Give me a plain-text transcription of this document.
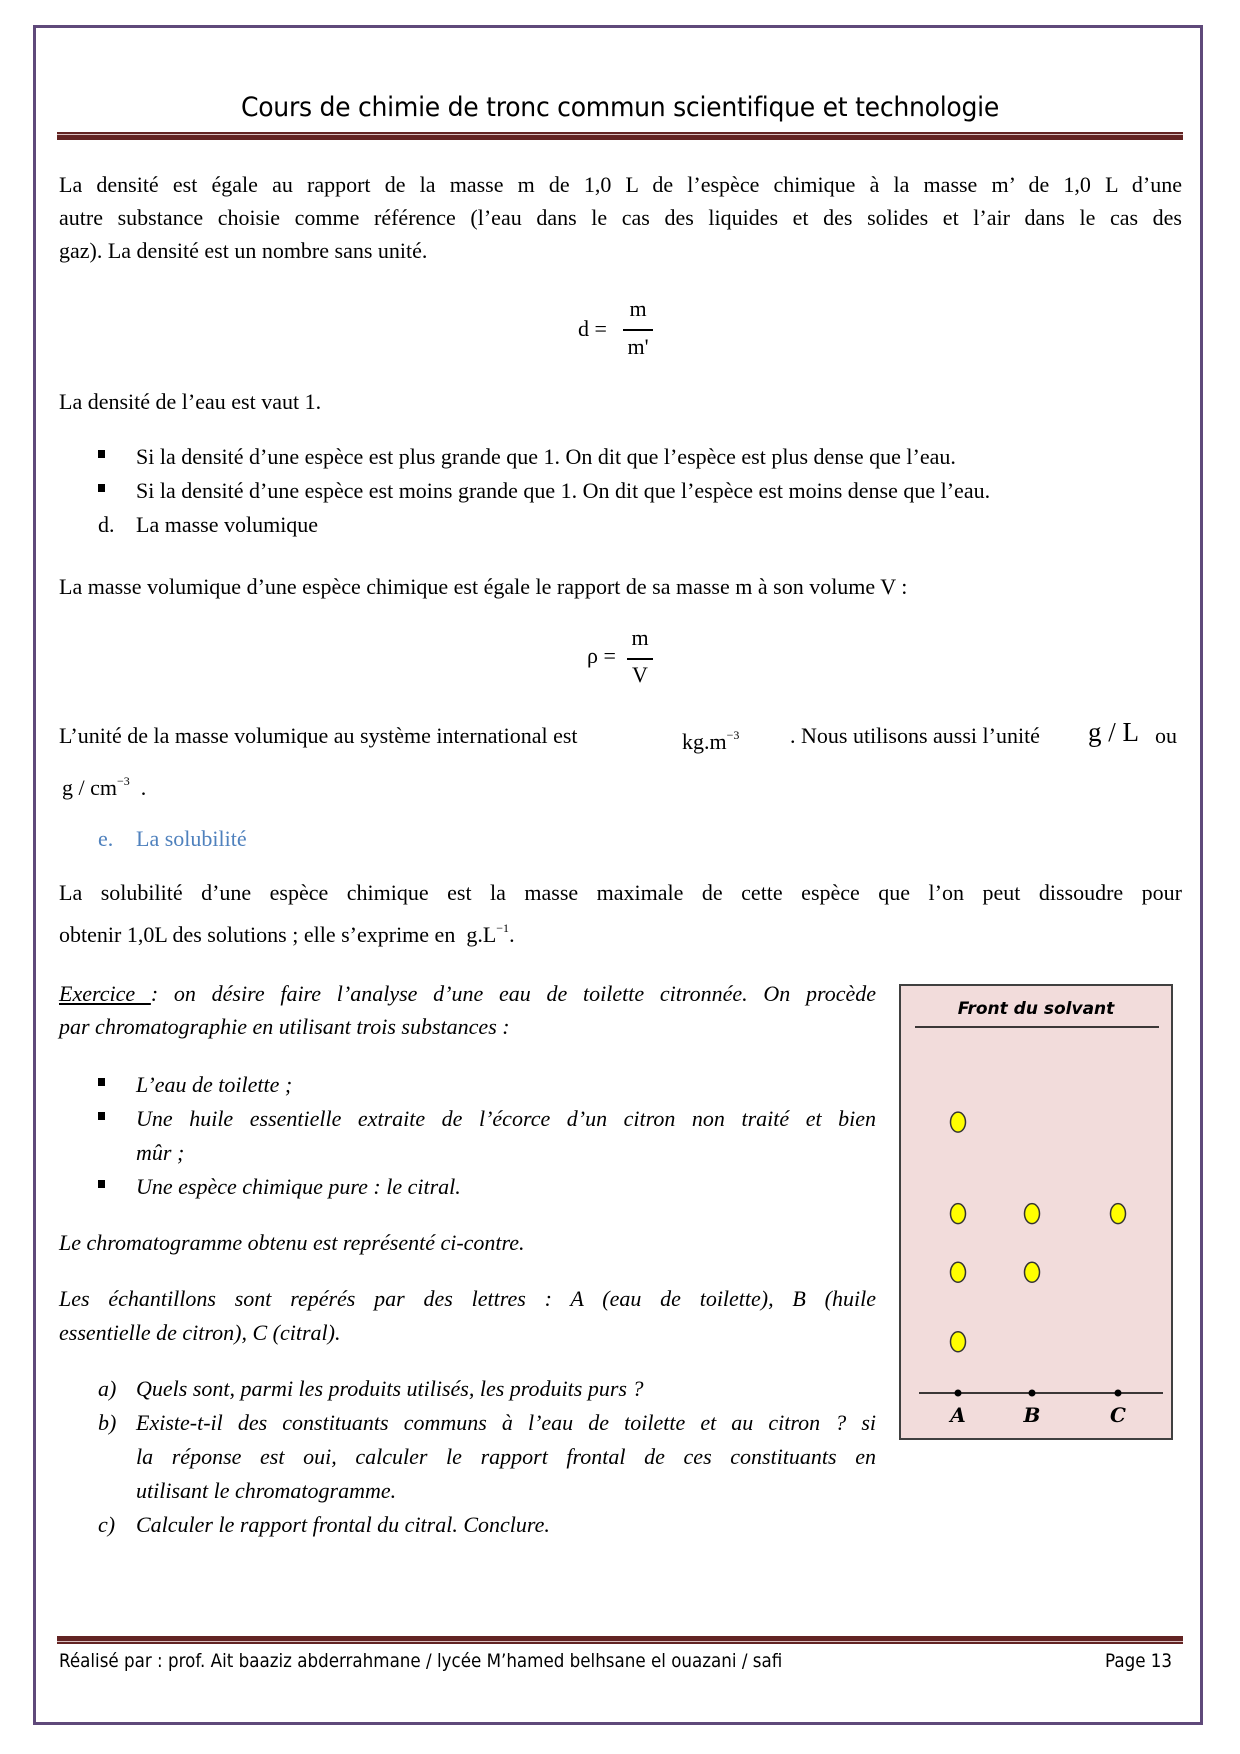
Cours de chimie de tronc commun scientifique et technologie
La densité est égale au rapport de la masse m de 1,0 L de l’espèce chimique à la masse m’ de 1,0 L d’une
autre substance choisie comme référence (l’eau dans le cas des liquides et des solides et l’air dans le cas des
gaz). La densité est un nombre sans unité.
d =
m
m'
La densité de l’eau est vaut 1.
Si la densité d’une espèce est plus grande que 1. On dit que l’espèce est plus dense que l’eau.
Si la densité d’une espèce est moins grande que 1. On dit que l’espèce est moins dense que l’eau.
d. La masse volumique
La masse volumique d’une espèce chimique est égale le rapport de sa masse m à son volume V :
ρ =
m
V
L’unité de la masse volumique au système international est	$kg.m^{-3}$ . Nous utilisons aussi l’unité g / L ou
g / $cm^{-3}$ .
e. La solubilité
La solubilité d’une espèce chimique est la masse maximale de cette espèce que l’on peut dissoudre pour
obtenir 1,0L des solutions ; elle s’exprime en $g.L^{-1}$.
Exercice : on désire faire l’analyse d’une eau de toilette citronnée. On procède
par chromatographie en utilisant trois substances :
L’eau de toilette ;
Une huile essentielle extraite de l’écorce d’un citron non traité et bien
mûr ;
Une espèce chimique pure : le citral.
Le chromatogramme obtenu est représenté ci-contre.
Les échantillons sont repérés par des lettres : A (eau de toilette), B (huile
essentielle de citron), C (citral).
a) Quels sont, parmi les produits utilisés, les produits purs ?
b) Existe-t-il des constituants communs à l’eau de toilette et au citron ? si
la réponse est oui, calculer le rapport frontal de ces constituants en
utilisant le chromatogramme.
c) Calculer le rapport frontal du citral. Conclure.
Front du solvant
A	B	C
Réalisé par : prof. Ait baaziz abderrahmane / lycée M’hamed belhsane el ouazani / safi	Page 13
